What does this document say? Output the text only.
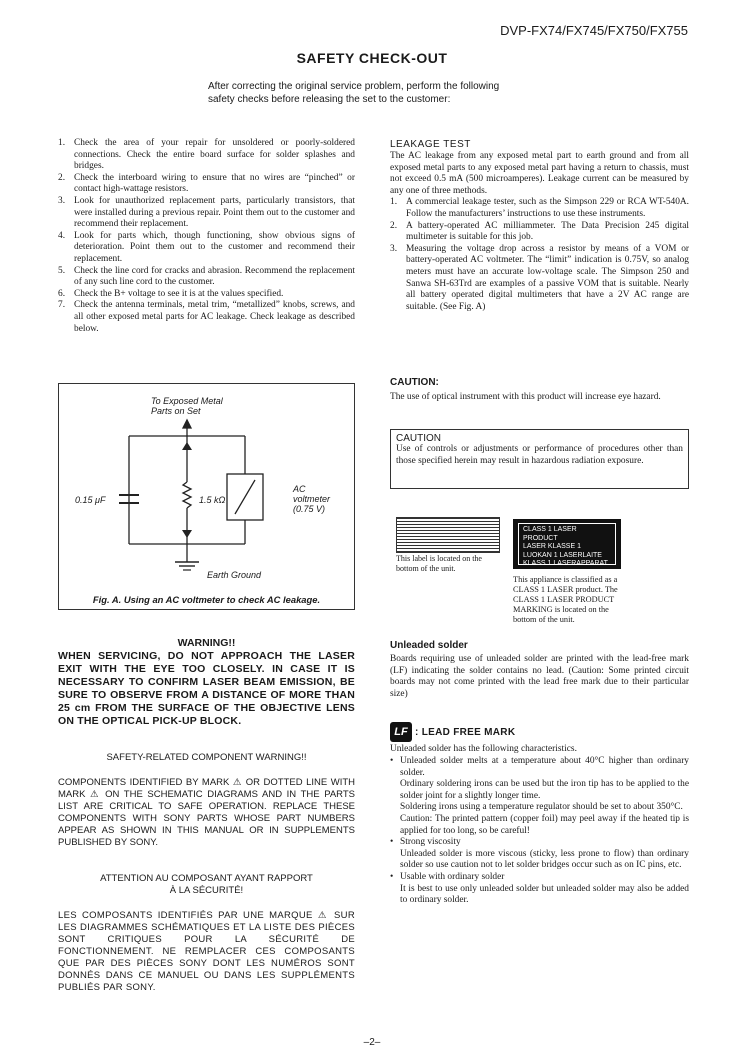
DVP-FX74/FX745/FX750/FX755
SAFETY CHECK-OUT
After correcting the original service problem, perform the following
safety checks before releasing the set to the customer:
1. Check the area of your repair for unsoldered or poorly-soldered connections. Check the entire board surface for solder splashes and bridges.
2. Check the interboard wiring to ensure that no wires are “pinched” or contact high-wattage resistors.
3. Look for unauthorized replacement parts, particularly transistors, that were installed during a previous repair. Point them out to the customer and recommend their replacement.
4. Look for parts which, though functioning, show obvious signs of deterioration. Point them out to the customer and recommend their replacement.
5. Check the line cord for cracks and abrasion. Recommend the replacement of any such line cord to the customer.
6. Check the B+ voltage to see it is at the values specified.
7. Check the antenna terminals, metal trim, “metallized” knobs, screws, and all other exposed metal parts for AC leakage. Check leakage as described below.
To Exposed Metal
Parts on Set
0.15 μF	1.5 kΩ
AC
voltmeter
(0.75 V)
Earth Ground
Fig. A. Using an AC voltmeter to check AC leakage.
WARNING!!
WHEN SERVICING, DO NOT APPROACH THE LASER EXIT WITH THE EYE TOO CLOSELY. IN CASE IT IS NECESSARY TO CONFIRM LASER BEAM EMISSION, BE SURE TO OBSERVE FROM A DISTANCE OF MORE THAN 25 cm FROM THE SURFACE OF THE OBJECTIVE LENS ON THE OPTICAL PICK-UP BLOCK.
SAFETY-RELATED COMPONENT WARNING!!
COMPONENTS IDENTIFIED BY MARK ⚠ OR DOTTED LINE WITH MARK ⚠ ON THE SCHEMATIC DIAGRAMS AND IN THE PARTS LIST ARE CRITICAL TO SAFE OPERATION. REPLACE THESE COMPONENTS WITH SONY PARTS WHOSE PART NUMBERS APPEAR AS SHOWN IN THIS MANUAL OR IN SUPPLEMENTS PUBLISHED BY SONY.
ATTENTION AU COMPOSANT AYANT RAPPORT
À LA SÉCURITÉ!
LES COMPOSANTS IDENTIFIÉS PAR UNE MARQUE ⚠ SUR LES DIAGRAMMES SCHÉMATIQUES ET LA LISTE DES PIÈCES SONT CRITIQUES POUR LA SÉCURITÉ DE FONCTIONNEMENT. NE REMPLACER CES COMPOSANTS QUE PAR DES PIÈCES SONY DONT LES NUMÉROS SONT DONNÉS DANS CE MANUEL OU DANS LES SUPPLÉMENTS PUBLIÉS PAR SONY.
LEAKAGE TEST
The AC leakage from any exposed metal part to earth ground and from all exposed metal parts to any exposed metal part having a return to chassis, must not exceed 0.5 mA (500 microamperes). Leakage current can be measured by any one of three methods.
1. A commercial leakage tester, such as the Simpson 229 or RCA WT-540A. Follow the manufacturers’ instructions to use these instruments.
2. A battery-operated AC milliammeter. The Data Precision 245 digital multimeter is suitable for this job.
3. Measuring the voltage drop across a resistor by means of a VOM or battery-operated AC voltmeter. The “limit” indication is 0.75V, so analog meters must have an accurate low-voltage scale. The Simpson 250 and Sanwa SH-63Trd are examples of a passive VOM that is suitable. Nearly all battery operated digital multimeters that have a 2V AC range are suitable. (See Fig. A)
CAUTION:
The use of optical instrument with this product will increase eye hazard.
CAUTION
Use of controls or adjustments or performance of procedures other than those specified herein may result in hazardous radiation exposure.
This label is located on the bottom of the unit.
CLASS 1 LASER PRODUCT
LASER KLASSE 1
LUOKAN 1 LASERLAITE
KLASS 1 LASERAPPARAT
This appliance is classified as a CLASS 1 LASER product. The CLASS 1 LASER PRODUCT MARKING is located on the bottom of the unit.
Unleaded solder
Boards requiring use of unleaded solder are printed with the lead-free mark (LF) indicating the solder contains no lead. (Caution: Some printed circuit boards may not come printed with the lead free mark due to their particular size)
LF : LEAD FREE MARK
Unleaded solder has the following characteristics.
• Unleaded solder melts at a temperature about 40°C higher than ordinary solder.
Ordinary soldering irons can be used but the iron tip has to be applied to the solder joint for a slightly longer time.
Soldering irons using a temperature regulator should be set to about 350°C.
Caution: The printed pattern (copper foil) may peel away if the heated tip is applied for too long, so be careful!
• Strong viscosity
Unleaded solder is more viscous (sticky, less prone to flow) than ordinary solder so use caution not to let solder bridges occur such as on IC pins, etc.
• Usable with ordinary solder
It is best to use only unleaded solder but unleaded solder may also be added to ordinary solder.
–2–
